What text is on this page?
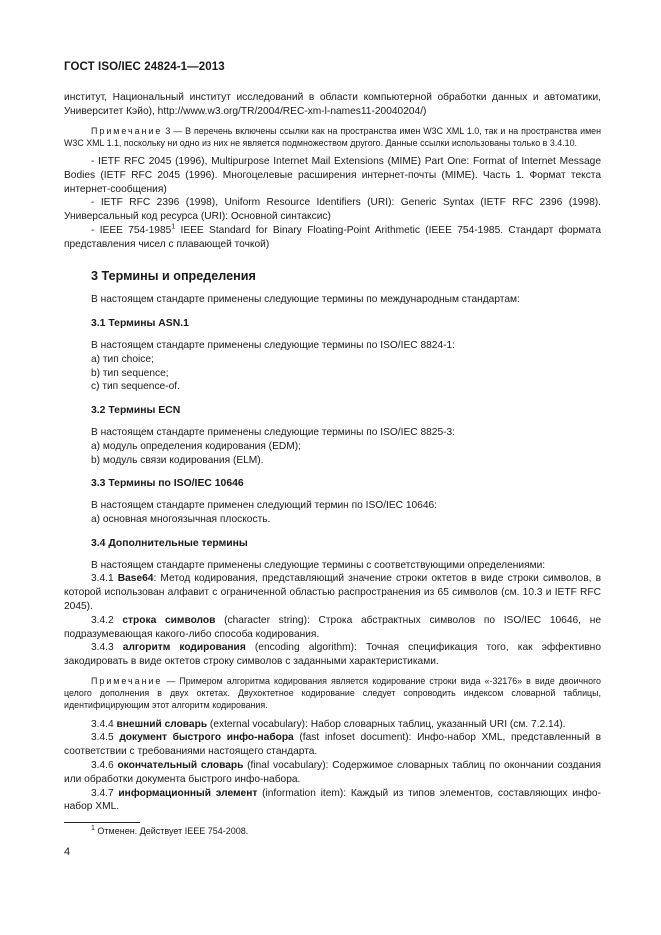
ГОСТ ISO/IEC 24824-1—2013

институт, Национальный институт исследований в области компьютерной обработки данных и автоматики, Университет Кэйо), http://www.w3.org/TR/2004/REC-xm-l-names11-20040204/)

Примечание 3 — В перечень включены ссылки как на пространства имен W3C XML 1.0, так и на пространства имен W3C XML 1.1, поскольку ни одно из них не является подмножеством другого. Данные ссылки использованы только в 3.4.10.

- IETF RFC 2045 (1996), Multipurpose Internet Mail Extensions (MIME) Part One: Format of Internet Message Bodies (IETF RFC 2045 (1996). Многоцелевые расширения интернет-почты (MIME). Часть 1. Формат текста интернет-сообщения)

- IETF RFC 2396 (1998), Uniform Resource Identifiers (URI): Generic Syntax (IETF RFC 2396 (1998). Универсальный код ресурса (URI): Основной синтаксис)

- IEEE 754-1985$^1$ IEEE Standard for Binary Floating-Point Arithmetic (IEEE 754-1985. Стандарт формата представления чисел с плавающей точкой)

3 Термины и определения

В настоящем стандарте применены следующие термины по международным стандартам:

3.1 Термины ASN.1

В настоящем стандарте применены следующие термины по ISO/IEC 8824-1:

a) тип choice;

b) тип sequence;

c) тип sequence-of.

3.2 Термины ECN

В настоящем стандарте применены следующие термины по ISO/IEC 8825-3:

a) модуль определения кодирования (EDM);

b) модуль связи кодирования (ELM).

3.3 Термины по ISO/IEC 10646

В настоящем стандарте применен следующий термин по ISO/IEC 10646:

a) основная многоязычная плоскость.

3.4 Дополнительные термины

В настоящем стандарте применены следующие термины с соответствующими определениями:

3.4.1 Base64: Метод кодирования, представляющий значение строки октетов в виде строки символов, в которой использован алфавит с ограниченной областью распространения из 65 символов (см. 10.3 и IETF RFC 2045).

3.4.2 строка символов (character string): Строка абстрактных символов по ISO/IEC 10646, не подразумевающая какого-либо способа кодирования.

3.4.3 алгоритм кодирования (encoding algorithm): Точная спецификация того, как эффективно закодировать в виде октетов строку символов с заданными характеристиками.

Примечание — Примером алгоритма кодирования является кодирование строки вида «-32176» в виде двоичного целого дополнения в двух октетах. Двухоктетное кодирование следует сопроводить индексом словарной таблицы, идентифицирующим этот алгоритм кодирования.

3.4.4 внешний словарь (external vocabulary): Набор словарных таблиц, указанный URI (см. 7.2.14).

3.4.5 документ быстрого инфо-набора (fast infoset document): Инфо-набор XML, представленный в соответствии с требованиями настоящего стандарта.

3.4.6 окончательный словарь (final vocabulary): Содержимое словарных таблиц по окончании создания или обработки документа быстрого инфо-набора.

3.4.7 информационный элемент (information item): Каждый из типов элементов, составляющих инфо-набор XML.

$^1$ Отменен. Действует IEEE 754-2008.
4
